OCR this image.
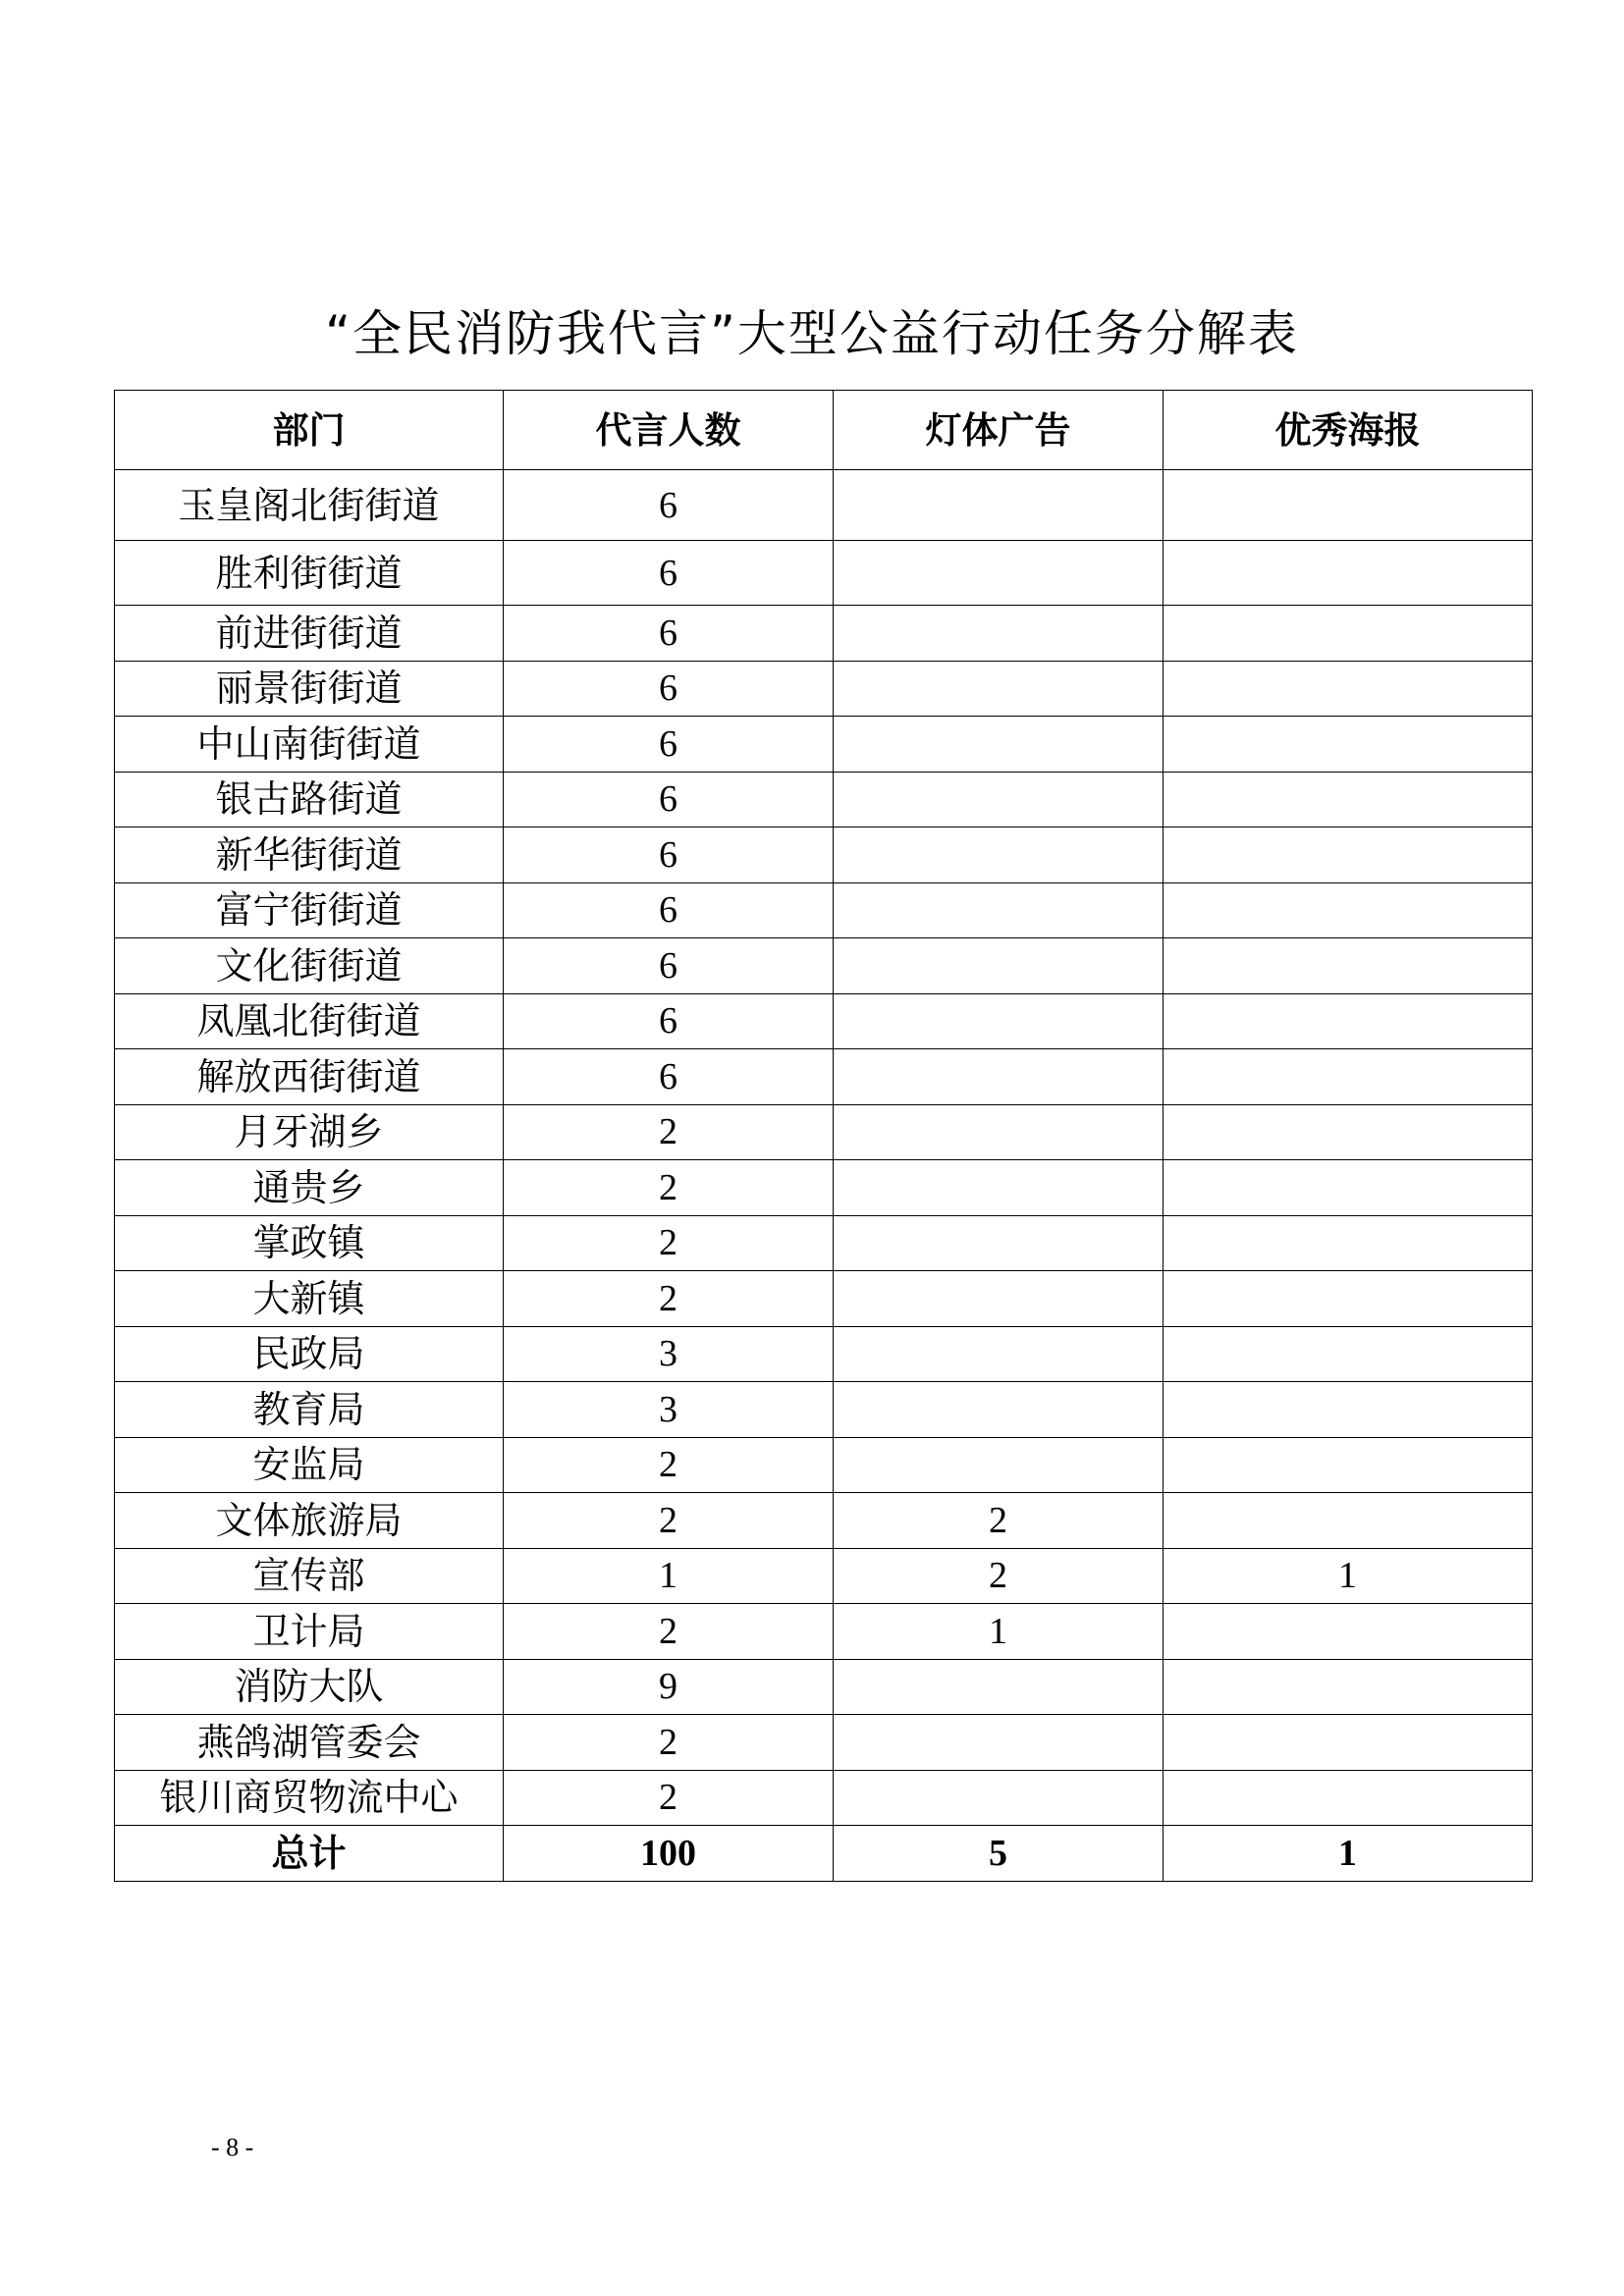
“全民消防我代言”大型公益行动任务分解表
部门	代言人数	灯体广告	优秀海报
玉皇阁北街街道	6		
胜利街街道	6		
前进街街道	6		
丽景街街道	6		
中山南街街道	6		
银古路街道	6		
新华街街道	6		
富宁街街道	6		
文化街街道	6		
凤凰北街街道	6		
解放西街街道	6		
月牙湖乡	2		
通贵乡	2		
掌政镇	2		
大新镇	2		
民政局	3		
教育局	3		
安监局	2		
文体旅游局	2	2	
宣传部	1	2	1
卫计局	2	1	
消防大队	9		
燕鸽湖管委会	2		
银川商贸物流中心	2		
总计	100	5	1
- 8 -
